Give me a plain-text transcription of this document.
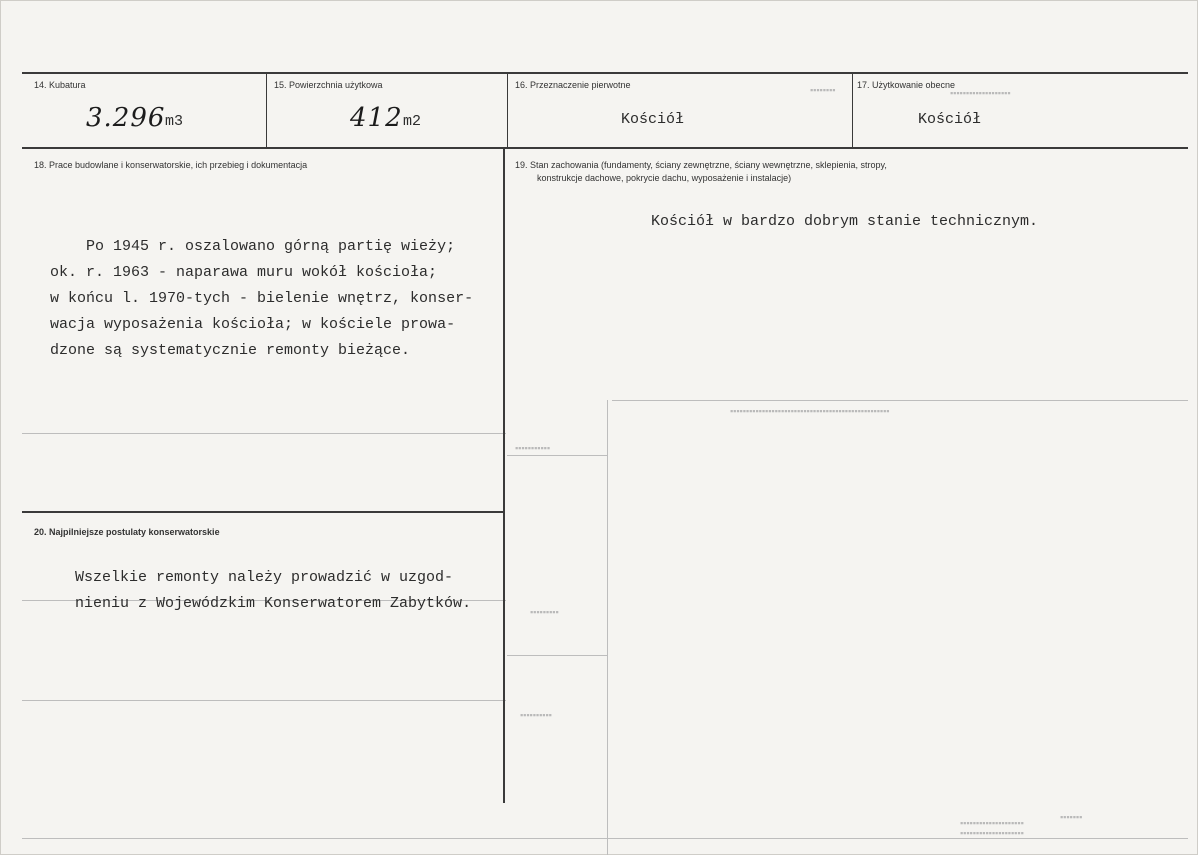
14. Kubatura
3.296 m3
15. Powierzchnia użytkowa
412 m2
16. Przeznaczenie pierwotne
Kościół
17. Użytkowanie obecne
Kościół
▪▪▪▪▪▪▪▪	▪▪▪▪▪▪▪▪▪▪▪▪▪▪▪▪▪▪▪
▪▪▪▪▪▪▪▪▪▪▪▪▪▪▪▪▪▪▪▪▪▪▪▪▪▪▪▪▪▪▪▪▪▪▪▪▪▪▪▪▪▪▪▪▪▪▪▪▪▪
▪▪▪▪▪▪▪▪▪▪▪
▪▪▪▪▪▪▪▪▪
▪▪▪▪▪▪▪▪▪▪
▪▪▪▪▪▪▪
▪▪▪▪▪▪▪▪▪▪▪▪▪▪▪▪▪▪▪▪
▪▪▪▪▪▪▪▪▪▪▪▪▪▪▪▪▪▪▪▪
18. Prace budowlane i konserwatorskie, ich przebieg i dokumentacja
Po 1945 r. oszalowano górną partię wieży;
ok. r. 1963 - naparawa muru wokół kościoła;
w końcu l. 1970-tych - bielenie wnętrz, konser-
wacja wyposażenia kościoła; w kościele prowa-
dzone są systematycznie remonty bieżące.
19. Stan zachowania (fundamenty, ściany zewnętrzne, ściany wewnętrzne, sklepienia, stropy,
konstrukcje dachowe, pokrycie dachu, wyposażenie i instalacje)
Kościół w bardzo dobrym stanie technicznym.
20. Najpilniejsze postulaty konserwatorskie
Wszelkie remonty należy prowadzić w uzgod-
nieniu z Wojewódzkim Konserwatorem Zabytków.
